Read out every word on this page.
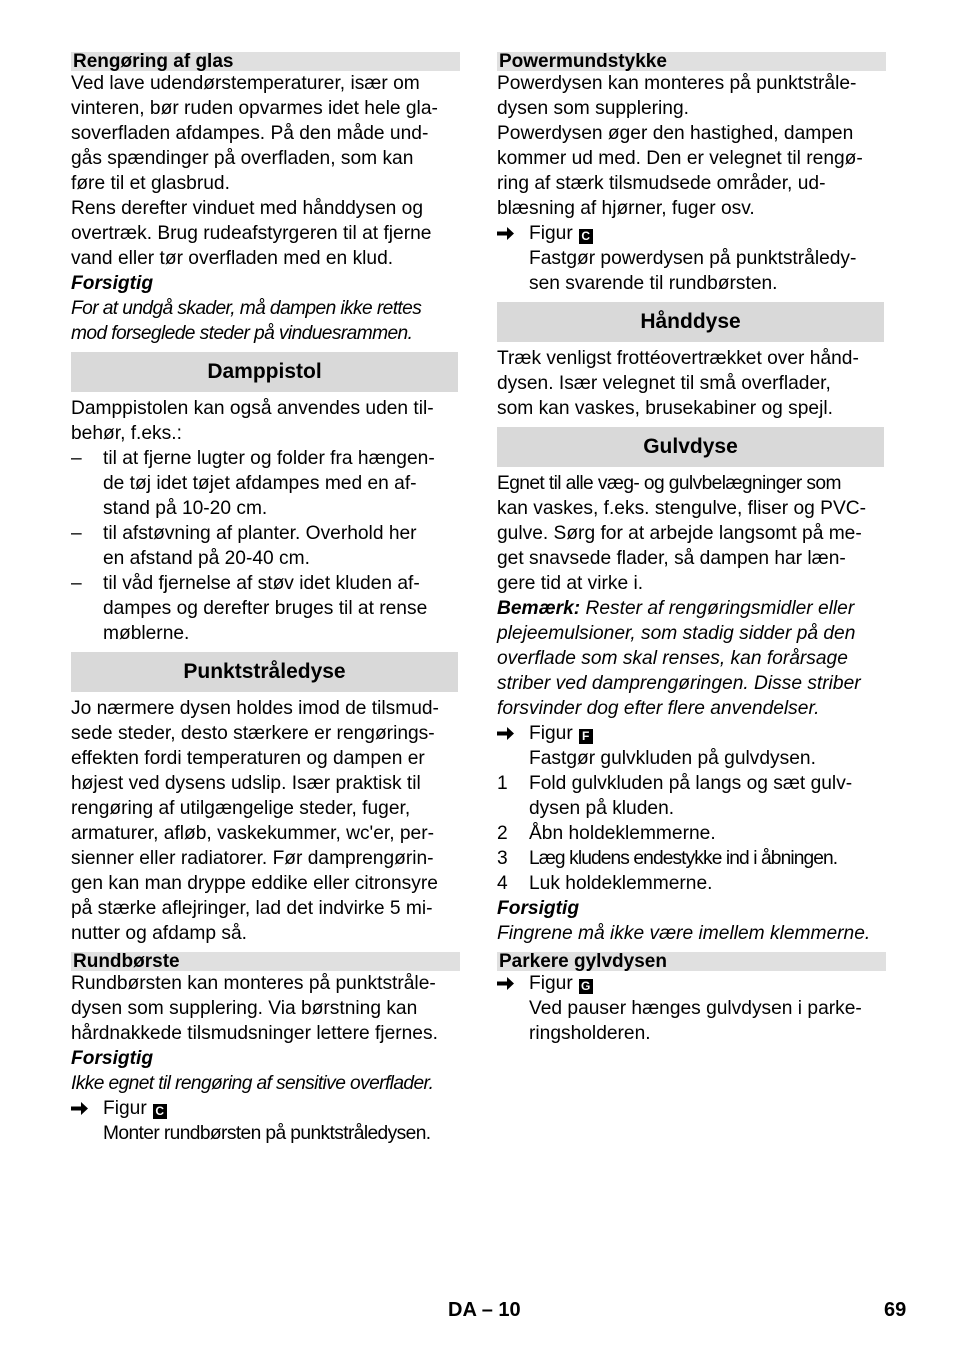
Rengøring af glas
Ved lave udendørstemperaturer, især om
vinteren, bør ruden opvarmes idet hele gla-
soverfladen afdampes. På den måde und-
gås spændinger på overfladen, som kan
føre til et glasbrud.
Rens derefter vinduet med hånddysen og
overtræk. Brug rudeafstyrgeren til at fjerne
vand eller tør overfladen med en klud.
Forsigtig
For at undgå skader, må dampen ikke rettes
mod forseglede steder på vinduesrammen.
Damppistol
Damppistolen kan også anvendes uden til-
behør, f.eks.:
–	til at fjerne lugter og folder fra hængen-
de tøj idet tøjet afdampes med en af-
stand på 10-20 cm.
–	til afstøvning af planter. Overhold her
en afstand på 20-40 cm.
–	til våd fjernelse af støv idet kluden af-
dampes og derefter bruges til at rense
møblerne.
Punktstråledyse
Jo nærmere dysen holdes imod de tilsmud-
sede steder, desto stærkere er rengørings-
effekten fordi temperaturen og dampen er
højest ved dysens udslip. Især praktisk til
rengøring af utilgængelige steder, fuger,
armaturer, afløb, vaskekummer, wc'er, per-
sienner eller radiatorer. Før damprengørin-
gen kan man dryppe eddike eller citronsyre
på stærke aflejringer, lad det indvirke 5 mi-
nutter og afdamp så.
Rundbørste
Rundbørsten kan monteres på punktstråle-
dysen som supplering. Via børstning kan
hårdnakkede tilsmudsninger lettere fjernes.
Forsigtig
Ikke egnet til rengøring af sensitive overflader.
Figur C
Monter rundbørsten på punktstråledysen.
Powermundstykke
Powerdysen kan monteres på punktstråle-
dysen som supplering.
Powerdysen øger den hastighed, dampen
kommer ud med. Den er velegnet til rengø-
ring af stærk tilsmudsede områder, ud-
blæsning af hjørner, fuger osv.
Figur C
Fastgør powerdysen på punktstråledy-
sen svarende til rundbørsten.
Hånddyse
Træk venligst frottéovertrækket over hånd-
dysen. Især velegnet til små overflader,
som kan vaskes, brusekabiner og spejl.
Gulvdyse
Egnet til alle væg- og gulvbelægninger som
kan vaskes, f.eks. stengulve, fliser og PVC-
gulve. Sørg for at arbejde langsomt på me-
get snavsede flader, så dampen har læn-
gere tid at virke i.
Bemærk: Rester af rengøringsmidler eller
plejeemulsioner, som stadig sidder på den
overflade som skal renses, kan forårsage
striber ved damprengøringen. Disse striber
forsvinder dog efter flere anvendelser.
Figur F
Fastgør gulvkluden på gulvdysen.
1 Fold gulvkluden på langs og sæt gulv-
dysen på kluden.
2	Åbn holdeklemmerne.
3	Læg kludens endestykke ind i åbningen.
4	Luk holdeklemmerne.
Forsigtig
Fingrene må ikke være imellem klemmerne.
Parkere gylvdysen
Figur G
Ved pauser hænges gulvdysen i parke-
ringsholderen.
DA – 10	69
